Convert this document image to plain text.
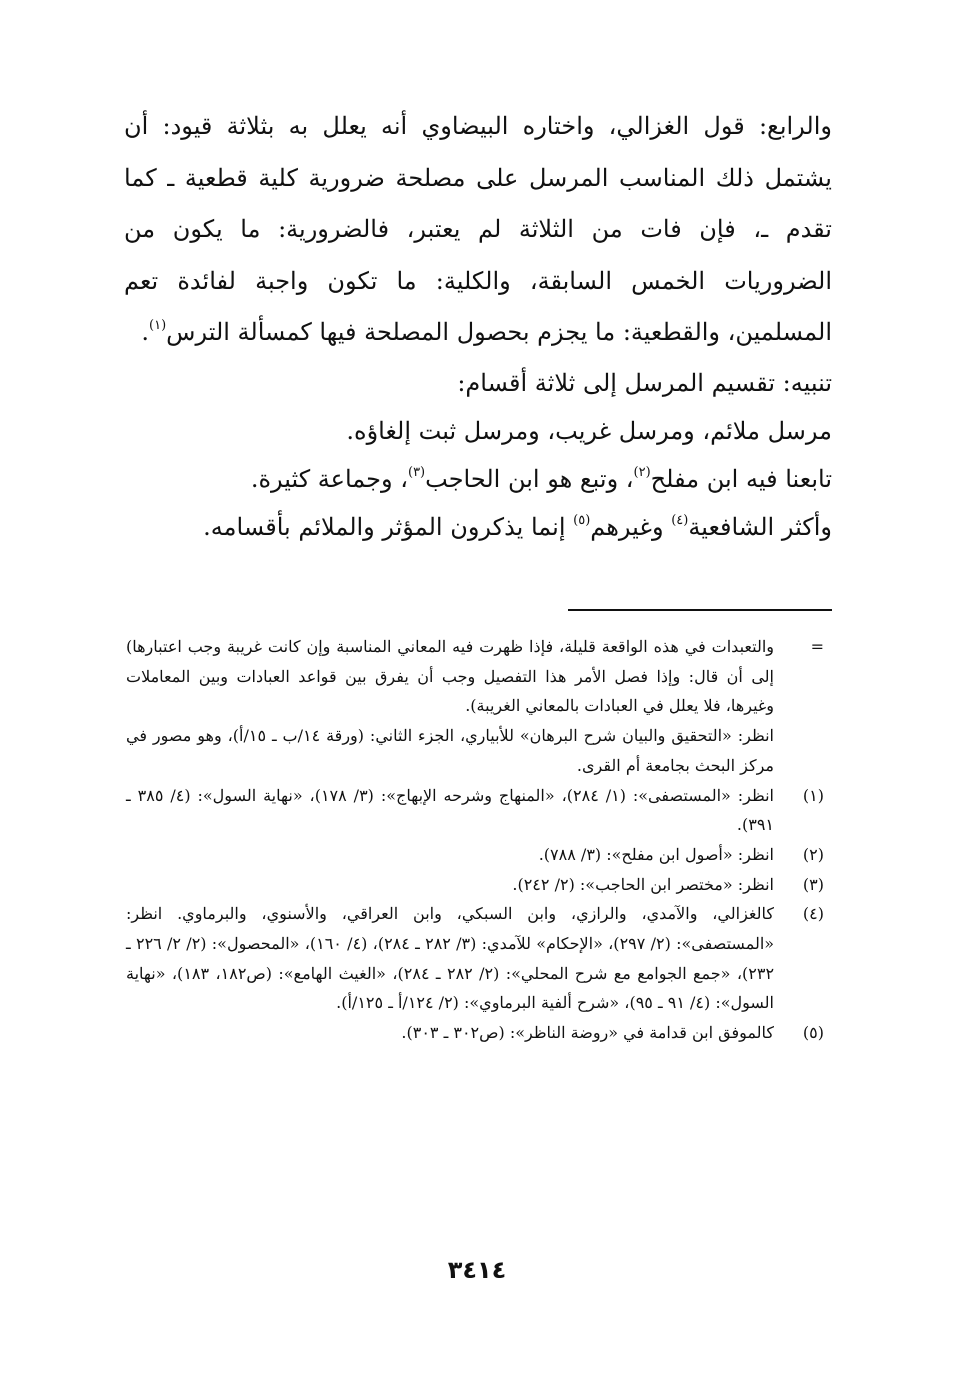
والرابع: قول الغزالي، واختاره البيضاوي أنه يعلل به بثلاثة قيود: أن يشتمل ذلك المناسب المرسل على مصلحة ضرورية كلية قطعية ـ كما تقدم ـ، فإن فات من الثلاثة لم يعتبر، فالضرورية: ما يكون من الضروريات الخمس السابقة، والكلية: ما تكون واجبة لفائدة تعم المسلمين، والقطعية: ما يجزم بحصول المصلحة فيها كمسألة الترس$^{(١)}$.

تنبيه: تقسيم المرسل إلى ثلاثة أقسام:

مرسل ملائم، ومرسل غريب، ومرسل ثبت إلغاؤه.

تابعنا فيه ابن مفلح$^{(٢)}$، وتبع هو ابن الحاجب$^{(٣)}$، وجماعة كثيرة.

وأكثر الشافعية$^{(٤)}$ وغيرهم$^{(٥)}$ إنما يذكرون المؤثر والملائم بأقسامه.

=
والتعبدات في هذه الواقعة قليلة، فإذا ظهرت فيه المعاني المناسبة وإن كانت غريبة وجب اعتبارها) إلى أن قال: وإذا فصل الأمر هذا التفصيل وجب أن يفرق بين قواعد العبادات وبين المعاملات وغيرها، فلا يعلل في العبادات بالمعاني الغريبة).
انظر: «التحقيق والبيان شرح البرهان» للأبياري، الجزء الثاني: (ورقة ١٤/ب ـ ١٥/أ)، وهو مصور في مركز البحث بجامعة أم القرى.
(١)
انظر: «المستصفى»: (١/ ٢٨٤)، «المنهاج وشرحه الإبهاج»: (٣/ ١٧٨)، «نهاية السول»: (٤/ ٣٨٥ ـ ٣٩١).
(٢)
انظر: «أصول ابن مفلح»: (٣/ ٧٨٨).
(٣)
انظر: «مختصر ابن الحاجب»: (٢/ ٢٤٢).
(٤)
كالغزالي، والآمدي، والرازي، وابن السبكي، وابن العراقي، والأسنوي، والبرماوي. انظر: «المستصفى»: (٢/ ٢٩٧)، «الإحكام» للآمدي: (٣/ ٢٨٢ ـ ٢٨٤)، (٤/ ١٦٠)، «المحصول»: (٢/ ٢/ ٢٢٦ ـ ٢٣٢)، «جمع الجوامع مع شرح المحلي»: (٢/ ٢٨٢ ـ ٢٨٤)، «الغيث الهامع»: (ص١٨٢، ١٨٣)، «نهاية السول»: (٤/ ٩١ ـ ٩٥)، «شرح ألفية البرماوي»: (٢/ ١٢٤/أ ـ ١٢٥/أ).
(٥)
كالموفق ابن قدامة في «روضة الناظر»: (ص٣٠٢ ـ ٣٠٣).
٣٤١٤
